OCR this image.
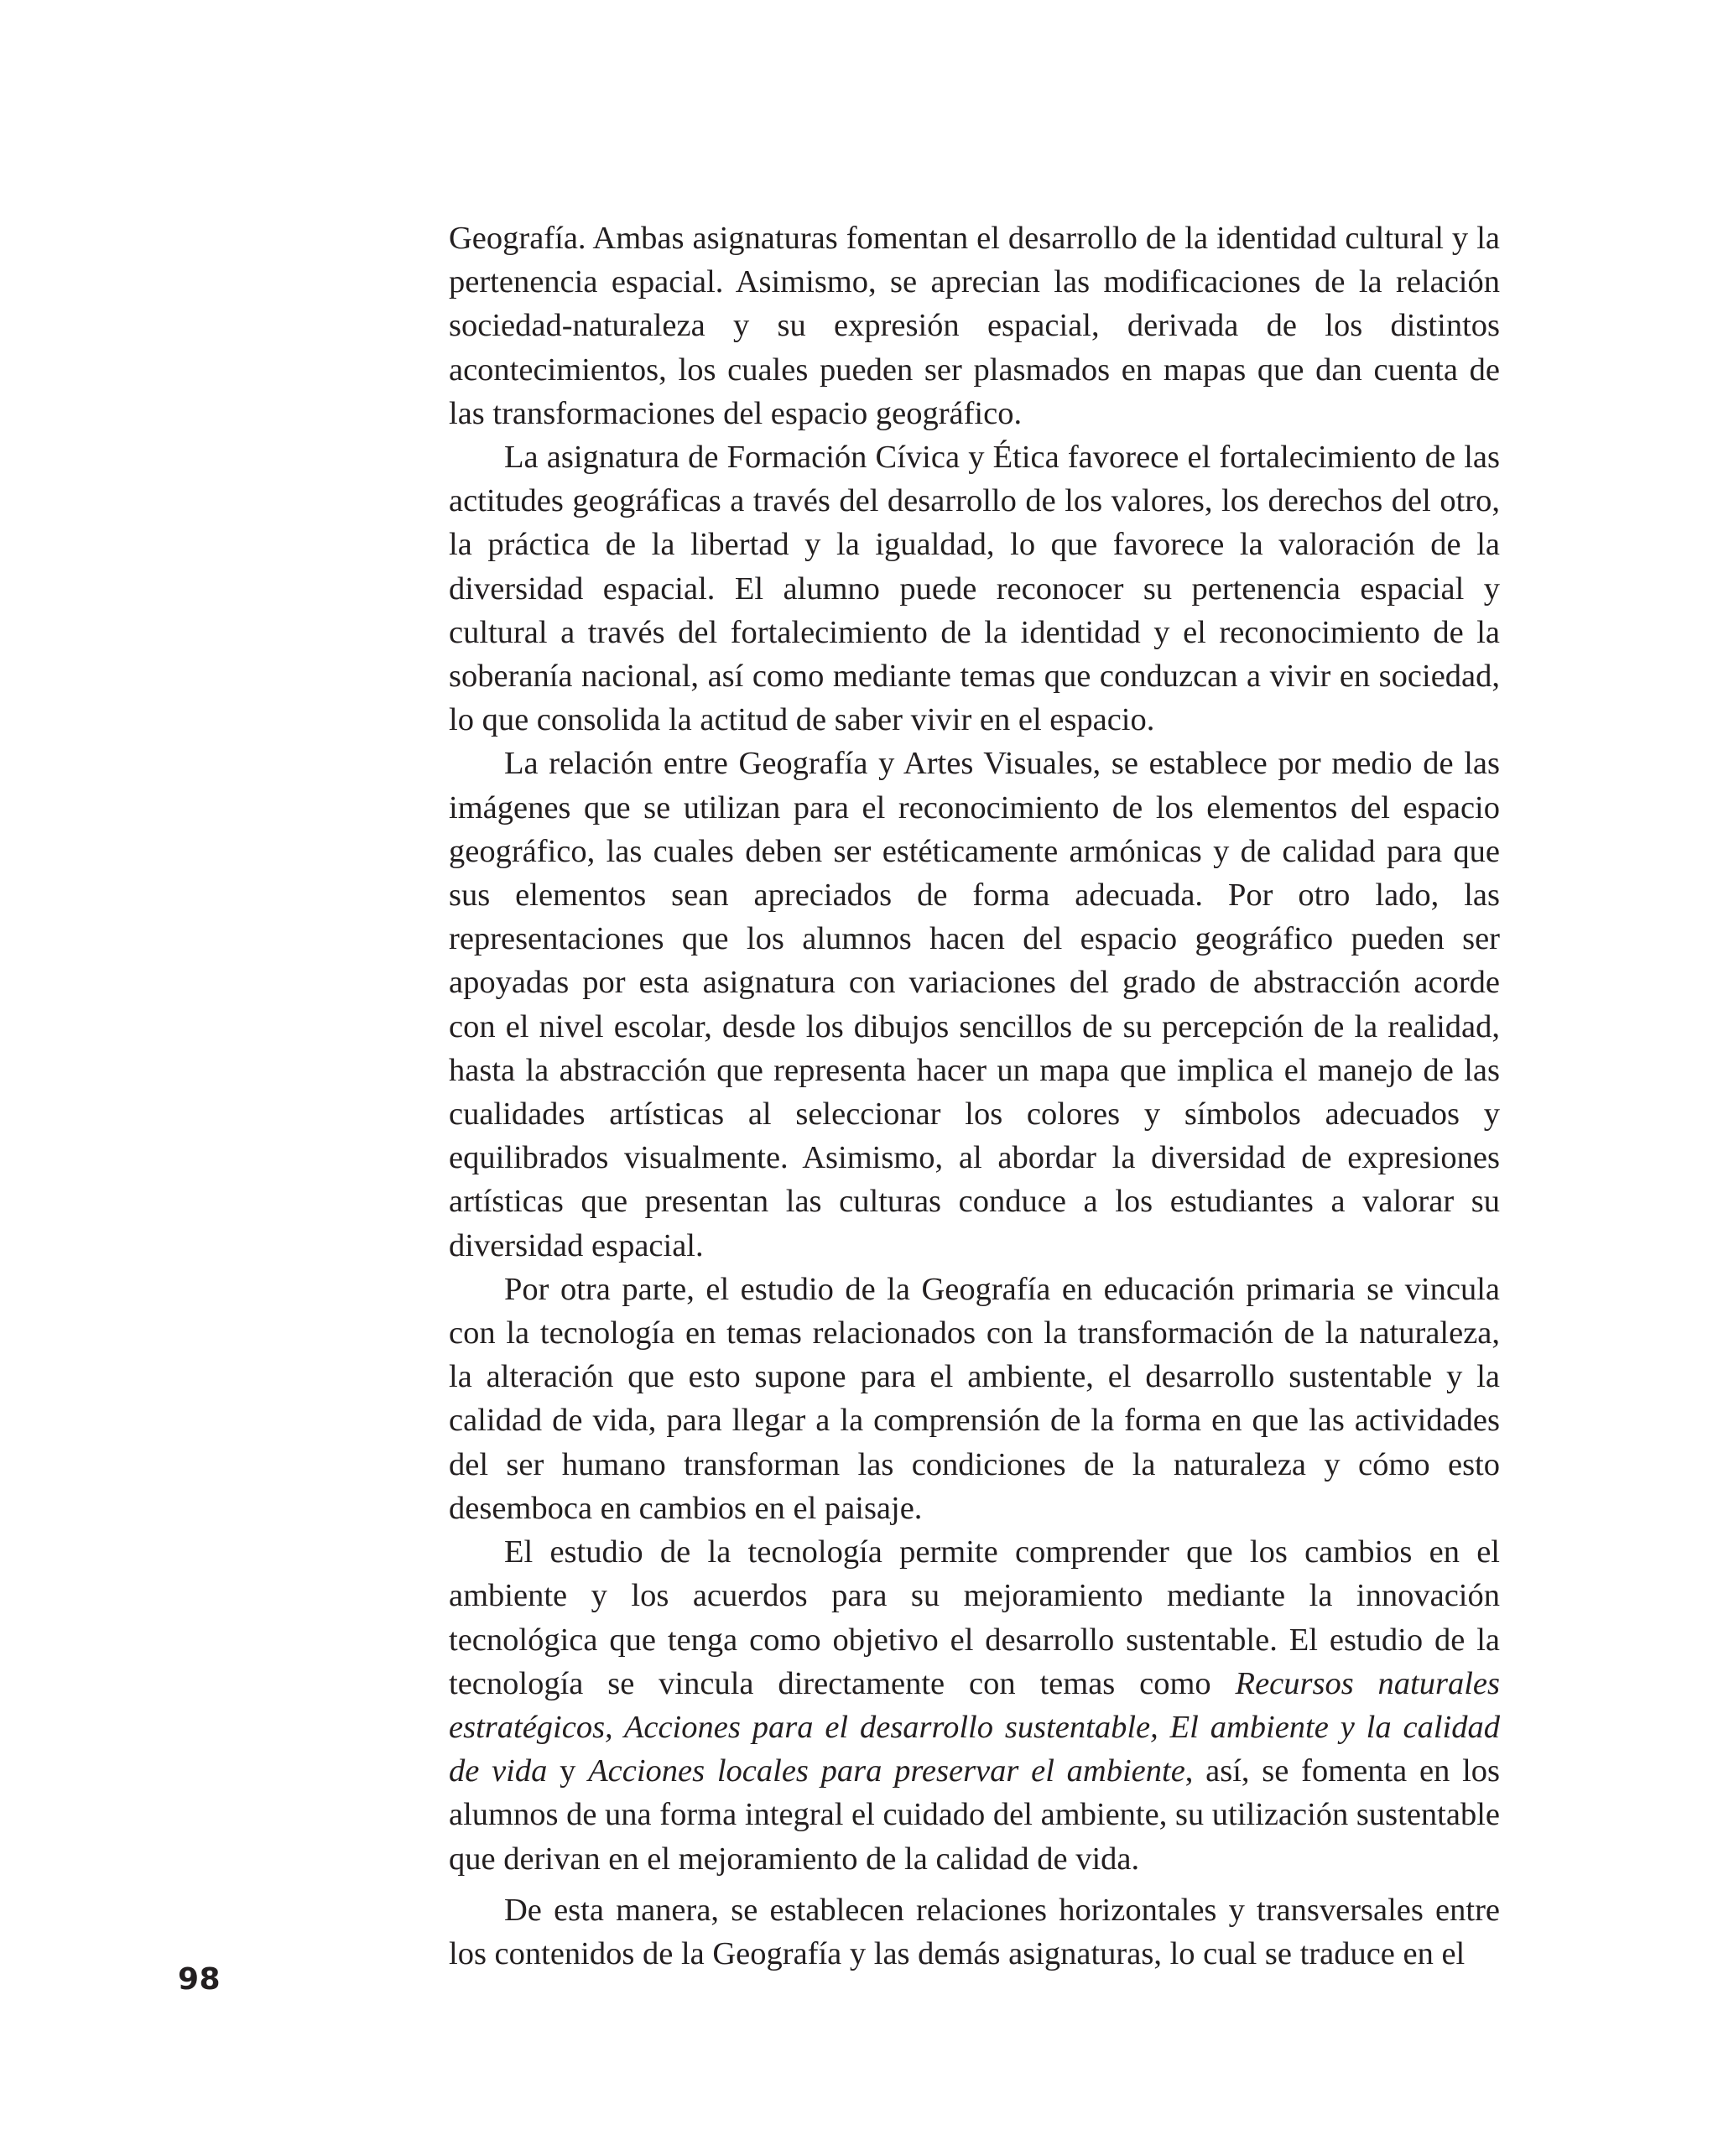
Geografía. Ambas asignaturas fomentan el desarrollo de la identidad cultural y la pertenencia espacial. Asimismo, se aprecian las modificaciones de la relación sociedad-naturaleza y su expresión espacial, derivada de los distintos acontecimientos, los cuales pueden ser plasmados en mapas que dan cuenta de las transformaciones del espacio geográfico.

La asignatura de Formación Cívica y Ética favorece el fortalecimiento de las actitudes geográficas a través del desarrollo de los valores, los derechos del otro, la práctica de la libertad y la igualdad, lo que favorece la valoración de la diversidad espacial. El alumno puede reconocer su pertenencia espacial y cultural a través del fortalecimiento de la identidad y el reconocimiento de la soberanía nacional, así como mediante temas que conduzcan a vivir en sociedad, lo que consolida la actitud de saber vivir en el espacio.

La relación entre Geografía y Artes Visuales, se establece por medio de las imágenes que se utilizan para el reconocimiento de los elementos del espacio geográfico, las cuales deben ser estéticamente armónicas y de calidad para que sus elementos sean apreciados de forma adecuada. Por otro lado, las representaciones que los alumnos hacen del espacio geográfico pueden ser apoyadas por esta asignatura con variaciones del grado de abstracción acorde con el nivel escolar, desde los dibujos sencillos de su percepción de la realidad, hasta la abstracción que representa hacer un mapa que implica el manejo de las cualidades artísticas al seleccionar los colores y símbolos adecuados y equilibrados visualmente. Asimismo, al abordar la diversidad de expresiones artísticas que presentan las culturas conduce a los estudiantes a valorar su diversidad espacial.

Por otra parte, el estudio de la Geografía en educación primaria se vincula con la tecnología en temas relacionados con la transformación de la naturaleza, la alteración que esto supone para el ambiente, el desarrollo sustentable y la calidad de vida, para llegar a la comprensión de la forma en que las actividades del ser humano transforman las condiciones de la naturaleza y cómo esto desemboca en cambios en el paisaje.

El estudio de la tecnología permite comprender que los cambios en el ambiente y los acuerdos para su mejoramiento mediante la innovación tecnológica que tenga como objetivo el desarrollo sustentable. El estudio de la tecnología se vincula directamente con temas como Recursos naturales estratégicos, Acciones para el desarrollo sustentable, El ambiente y la calidad de vida y Acciones locales para preservar el ambiente, así, se fomenta en los alumnos de una forma integral el cuidado del ambiente, su utilización sustentable que derivan en el mejoramiento de la calidad de vida.

De esta manera, se establecen relaciones horizontales y transversales entre los contenidos de la Geografía y las demás asignaturas, lo cual se traduce en el

98
